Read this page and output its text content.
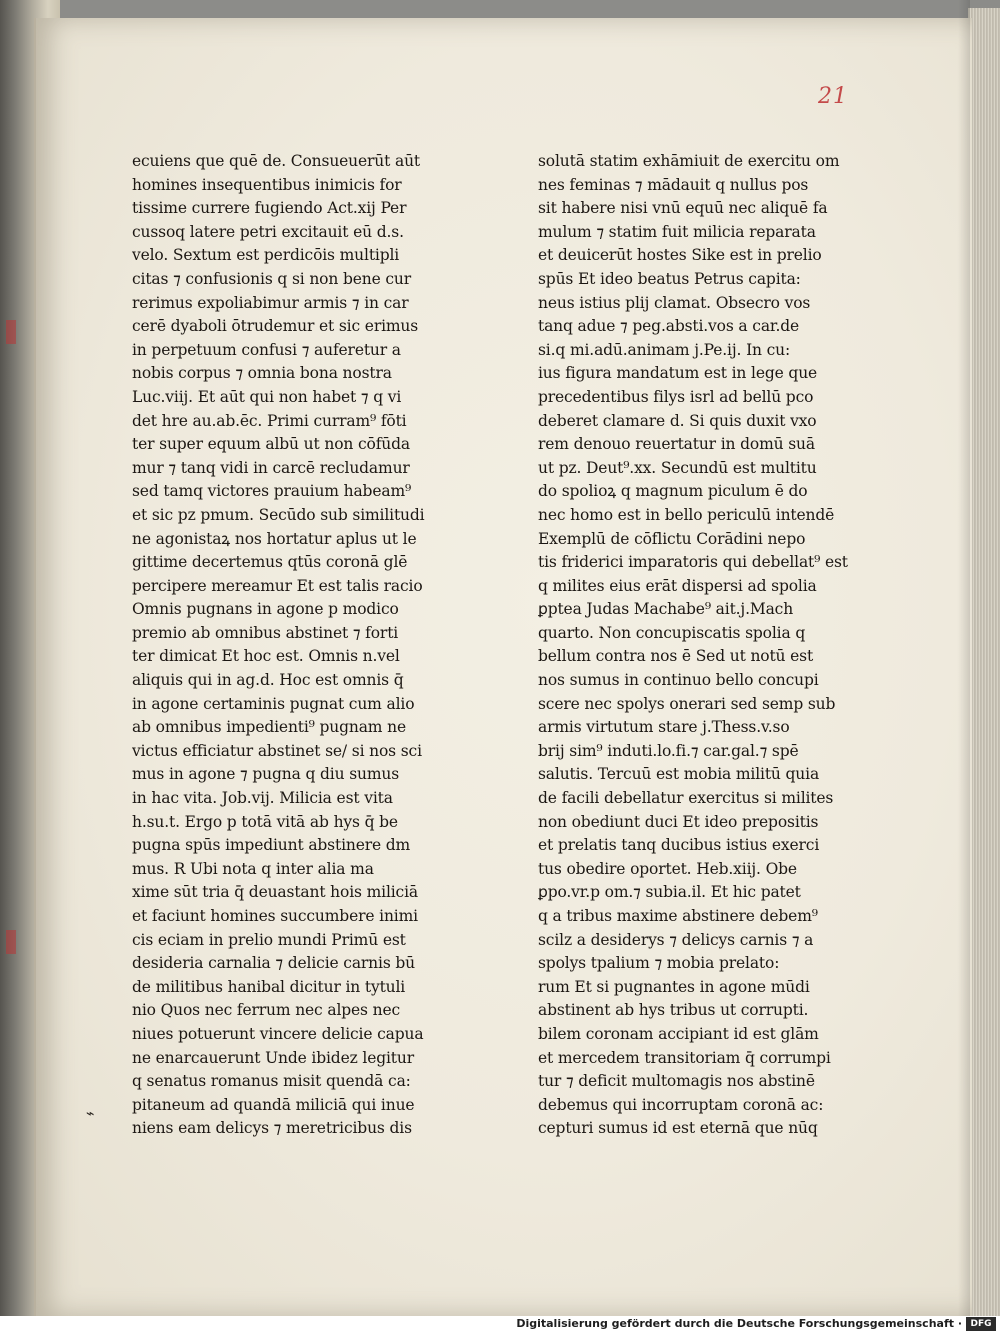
21
ecuiens que quē de. Consueuerūt aūt
homines insequentibus inimicis for
tissime currere fugiendo Act.xij Per
cussoq latere petri excitauit eū d.s.
velo. Sextum est perdicōis multipli
citas ⁊ confusionis q si non bene cur
rerimus expoliabimur armis ⁊ in car
cerē dyaboli ōtrudemur et sic erimus
in perpetuum confusi ⁊ auferetur a
nobis corpus ⁊ omnia bona nostra
Luc.viij. Et aūt qui non habet ⁊ q vi
det hre au.ab.ēc. Primi curram⁹ fōti
ter super equum albū ut non cōfūda
mur ⁊ tanq vidi in carcē recludamur
sed tamq victores prauium habeam⁹
et sic pz pmum. Secūdo sub similitudi
ne agonistaꝝ nos hortatur aplus ut le
gittime decertemus qtūs coronā glē
percipere mereamur Et est talis racio
Omnis pugnans in agone p modico
premio ab omnibus abstinet ⁊ forti
ter dimicat Et hoc est. Omnis n.vel
aliquis qui in ag.d. Hoc est omnis q̄
in agone certaminis pugnat cum alio
ab omnibus impedienti⁹ pugnam ne
victus efficiatur abstinet se/ si nos sci
mus in agone ⁊ pugna q diu sumus
in hac vita. Job.vij. Milicia est vita
h.su.t. Ergo p totā vitā ab hys q̄ be
pugna spūs impediunt abstinere dm
mus. R Ubi nota q inter alia ma
xime sūt tria q̄ deuastant hois miliciā
et faciunt homines succumbere inimi
cis eciam in prelio mundi Primū est
desideria carnalia ⁊ delicie carnis bū
de militibus hanibal dicitur in tytuli
nio Quos nec ferrum nec alpes nec
niues potuerunt vincere delicie capua
ne enarcauerunt Unde ibidez legitur
q senatus romanus misit quendā ca:
pitaneum ad quandā miliciā qui inue
niens eam delicys ⁊ meretricibus dis
solutā statim exhāmiuit de exercitu om
nes feminas ⁊ mādauit q nullus pos
sit habere nisi vnū equū nec aliquē fa
mulum ⁊ statim fuit milicia reparata
et deuicerūt hostes Sike est in prelio
spūs Et ideo beatus Petrus capita:
neus istius plij clamat. Obsecro vos
tanq adue ⁊ peg.absti.vos a car.de
si.q mi.adū.animam j.Pe.ij. In cu:
ius figura mandatum est in lege que
precedentibus filys isrl ad bellū pco
deberet clamare d. Si quis duxit vxo
rem denouo reuertatur in domū suā
ut pz. Deut⁹.xx. Secundū est multitu
do spolioꝝ q magnum piculum ē do
nec homo est in bello periculū intendē
Exemplū de cōflictu Corādini nepo
tis friderici imparatoris qui debellat⁹ est
q milites eius erāt dispersi ad spolia
ꝑptea Judas Machabe⁹ ait.j.Mach
quarto. Non concupiscatis spolia q
bellum contra nos ē Sed ut notū est
nos sumus in continuo bello concupi
scere nec spolys onerari sed semp sub
armis virtutum stare j.Thess.v.so
brij sim⁹ induti.lo.fi.⁊ car.gal.⁊ spē
salutis. Tercuū est mobia militū quia
de facili debellatur exercitus si milites
non obediunt duci Et ideo prepositis
et prelatis tanq ducibus istius exerci
tus obedire oportet. Heb.xiij. Obe
ꝑpo.vr.p om.⁊ subia.il. Et hic patet
q a tribus maxime abstinere debem⁹
scilz a desiderys ⁊ delicys carnis ⁊ a
spolys tpalium ⁊ mobia prelato:
rum Et si pugnantes in agone mūdi
abstinent ab hys tribus ut corrupti.
bilem coronam accipiant id est glām
et mercedem transitoriam q̄ corrumpi
tur ⁊ deficit multomagis nos abstinē
debemus qui incorruptam coronā ac:
cepturi sumus id est eternā que nūq
⌁
Digitalisierung gefördert durch die Deutsche Forschungsgemeinschaft · DFG
